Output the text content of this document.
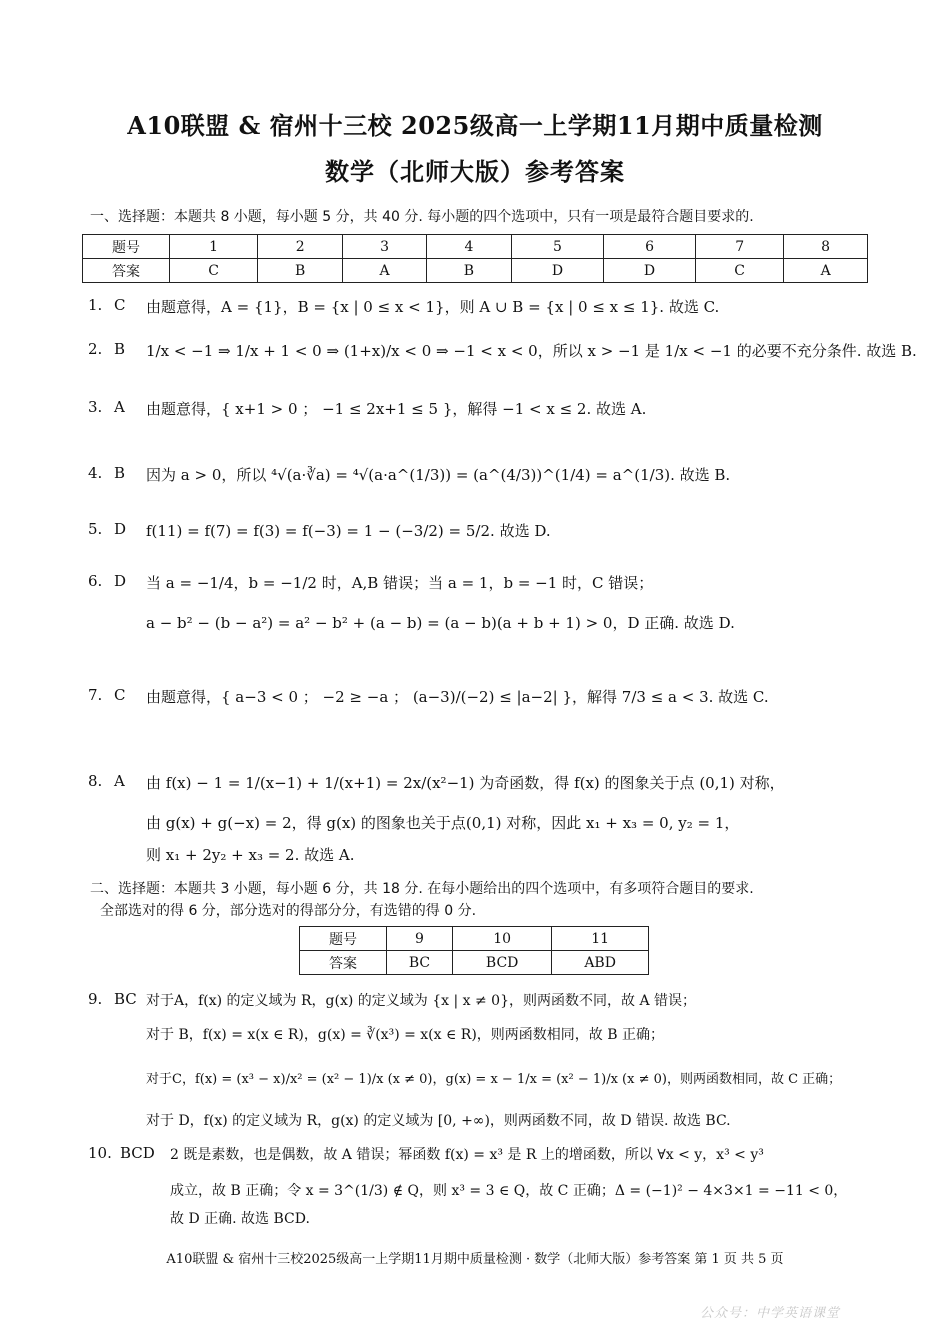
A10联盟 & 宿州十三校 2025级高一上学期11月期中质量检测
数学（北师大版）参考答案
一、选择题：本题共 8 小题，每小题 5 分，共 40 分. 每小题的四个选项中，只有一项是最符合题目要求的.
题号	1	2	3	4	5	6	7	8
答案	C	B	A	B	D	D	C	A
1. C 由题意得，A = {1}，B = {x | 0 ≤ x < 1}，则 A ∪ B = {x | 0 ≤ x ≤ 1}. 故选 C.
2. B 1/x < −1 ⇒ 1/x + 1 < 0 ⇒ (1+x)/x < 0 ⇒ −1 < x < 0，所以 x > −1 是 1/x < −1 的必要不充分条件. 故选 B.
3. A 由题意得，{ x+1 > 0 ； −1 ≤ 2x+1 ≤ 5 }，解得 −1 < x ≤ 2. 故选 A.
4. B 因为 a > 0，所以 ⁴√(a·∛a) = ⁴√(a·a^(1/3)) = (a^(4/3))^(1/4) = a^(1/3). 故选 B.
5. D f(11) = f(7) = f(3) = f(−3) = 1 − (−3/2) = 5/2. 故选 D.
6. D 当 a = −1/4，b = −1/2 时，A,B 错误；当 a = 1，b = −1 时，C 错误；
a − b² − (b − a²) = a² − b² + (a − b) = (a − b)(a + b + 1) > 0，D 正确. 故选 D.
7. C 由题意得，{ a−3 < 0 ； −2 ≥ −a ； (a−3)/(−2) ≤ |a−2| }，解得 7/3 ≤ a < 3. 故选 C.
8. A 由 f(x) − 1 = 1/(x−1) + 1/(x+1) = 2x/(x²−1) 为奇函数，得 f(x) 的图象关于点 (0,1) 对称，
由 g(x) + g(−x) = 2，得 g(x) 的图象也关于点(0,1) 对称，因此 x₁ + x₃ = 0, y₂ = 1，
则 x₁ + 2y₂ + x₃ = 2. 故选 A.
二、选择题：本题共 3 小题，每小题 6 分，共 18 分. 在每小题给出的四个选项中，有多项符合题目的要求.
全部选对的得 6 分，部分选对的得部分分，有选错的得 0 分.
题号	9	10	11
答案	BC	BCD	ABD
9. BC 对于A，f(x) 的定义域为 R，g(x) 的定义域为 {x | x ≠ 0}，则两函数不同，故 A 错误；
对于 B，f(x) = x(x ∈ R)，g(x) = ∛(x³) = x(x ∈ R)，则两函数相同，故 B 正确；
对于C，f(x) = (x³ − x)/x² = (x² − 1)/x (x ≠ 0)，g(x) = x − 1/x = (x² − 1)/x (x ≠ 0)，则两函数相同，故 C 正确；
对于 D，f(x) 的定义域为 R，g(x) 的定义域为 [0, +∞)，则两函数不同，故 D 错误. 故选 BC.
10. BCD 2 既是素数，也是偶数，故 A 错误；幂函数 f(x) = x³ 是 R 上的增函数，所以 ∀x < y，x³ < y³
成立，故 B 正确；令 x = 3^(1/3) ∉ Q，则 x³ = 3 ∈ Q，故 C 正确；Δ = (−1)² − 4×3×1 = −11 < 0，
故 D 正确. 故选 BCD.
A10联盟 & 宿州十三校2025级高一上学期11月期中质量检测 · 数学（北师大版）参考答案 第 1 页 共 5 页
公众号：中学英语课堂
